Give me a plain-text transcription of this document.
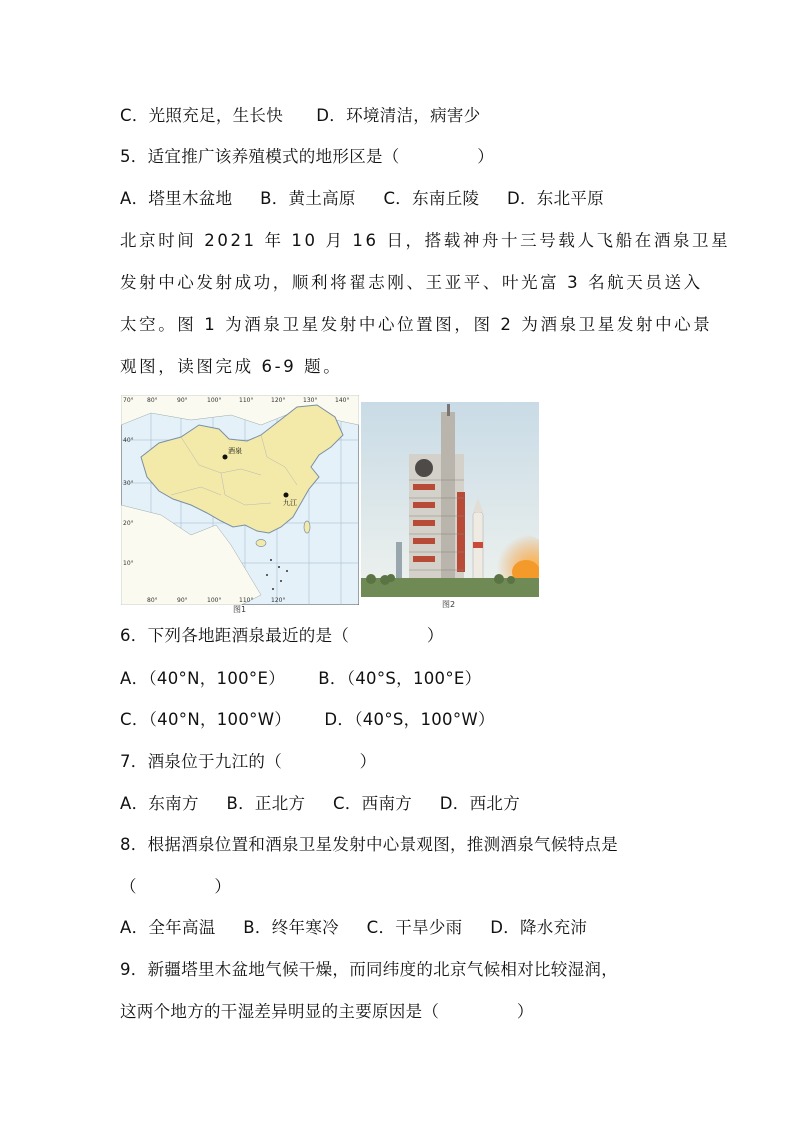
C．光照充足，生长快      D．环境清洁，病害少
5．适宜推广该养殖模式的地形区是（              ）
A．塔里木盆地     B．黄土高原     C．东南丘陵     D．东北平原
北京时间 2021 年 10 月 16 日，搭载神舟十三号载人飞船在酒泉卫星
发射中心发射成功，顺利将翟志刚、王亚平、叶光富 3 名航天员送入
太空。图 1 为酒泉卫星发射中心位置图，图 2 为酒泉卫星发射中心景
观图，读图完成 6-9 题。
酒泉
九江
70° 80°	90°	100°	110°	120°	130°	140°
80°	90°	100°	110°	120°
40°
30°
20°
10°
图1
图2
6．下列各地距酒泉最近的是（              ）
A．（40°N，100°E）      B．（40°S，100°E）
C．（40°N，100°W）      D．（40°S，100°W）
7．酒泉位于九江的（              ）
A．东南方     B．正北方     C．西南方     D．西北方
8．根据酒泉位置和酒泉卫星发射中心景观图，推测酒泉气候特点是
（              ）
A．全年高温     B．终年寒冷     C．干旱少雨     D．降水充沛
9．新疆塔里木盆地气候干燥，而同纬度的北京气候相对比较湿润，
这两个地方的干湿差异明显的主要原因是（              ）
